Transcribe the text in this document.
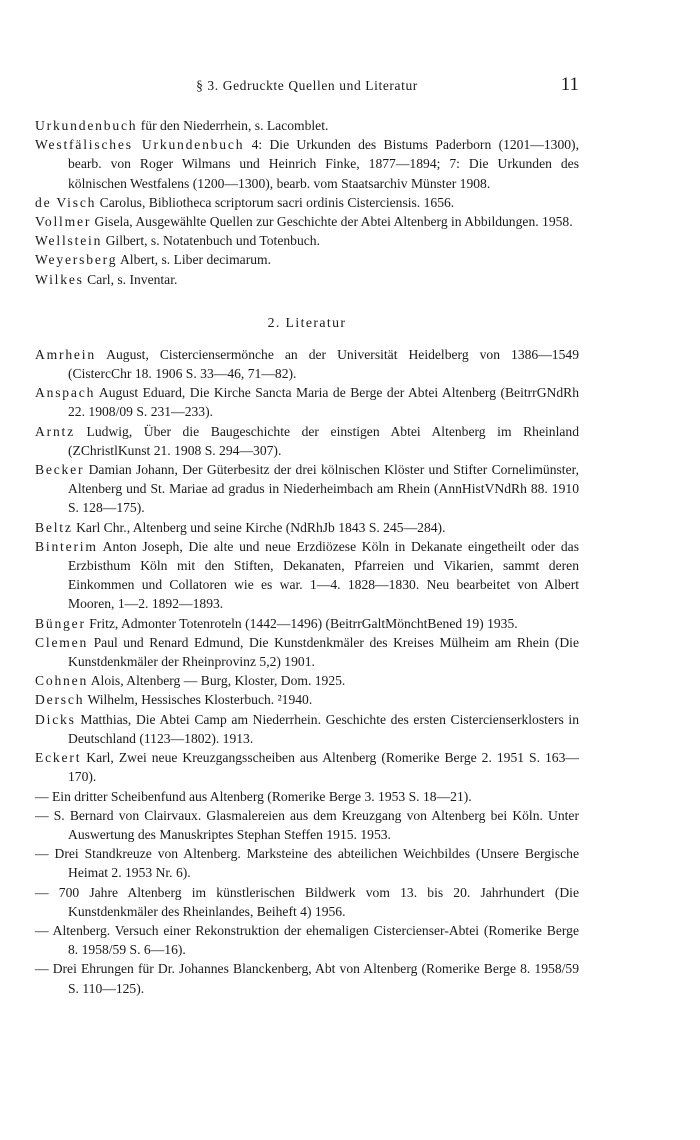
§ 3. Gedruckte Quellen und Literatur	11
Urkundenbuch für den Niederrhein, s. Lacomblet.
Westfälisches Urkundenbuch 4: Die Urkunden des Bistums Paderborn (1201—1300), bearb. von Roger Wilmans und Heinrich Finke, 1877—1894; 7: Die Urkunden des kölnischen Westfalens (1200—1300), bearb. vom Staatsarchiv Münster 1908.
de Visch Carolus, Bibliotheca scriptorum sacri ordinis Cisterciensis. 1656.
Vollmer Gisela, Ausgewählte Quellen zur Geschichte der Abtei Altenberg in Abbildungen. 1958.
Wellstein Gilbert, s. Notatenbuch und Totenbuch.
Weyersberg Albert, s. Liber decimarum.
Wilkes Carl, s. Inventar.
2. Literatur
Amrhein August, Cisterciensermönche an der Universität Heidelberg von 1386—1549 (CistercChr 18. 1906 S. 33—46, 71—82).
Anspach August Eduard, Die Kirche Sancta Maria de Berge der Abtei Altenberg (BeitrrGNdRh 22. 1908/09 S. 231—233).
Arntz Ludwig, Über die Baugeschichte der einstigen Abtei Altenberg im Rheinland (ZChristlKunst 21. 1908 S. 294—307).
Becker Damian Johann, Der Güterbesitz der drei kölnischen Klöster und Stifter Cornelimünster, Altenberg und St. Mariae ad gradus in Niederheimbach am Rhein (AnnHistVNdRh 88. 1910 S. 128—175).
Beltz Karl Chr., Altenberg und seine Kirche (NdRhJb 1843 S. 245—284).
Binterim Anton Joseph, Die alte und neue Erzdiözese Köln in Dekanate eingetheilt oder das Erzbisthum Köln mit den Stiften, Dekanaten, Pfarreien und Vikarien, sammt deren Einkommen und Collatoren wie es war. 1—4. 1828—1830. Neu bearbeitet von Albert Mooren, 1—2. 1892—1893.
Bünger Fritz, Admonter Totenroteln (1442—1496) (BeitrrGaltMönchtBened 19) 1935.
Clemen Paul und Renard Edmund, Die Kunstdenkmäler des Kreises Mülheim am Rhein (Die Kunstdenkmäler der Rheinprovinz 5,2) 1901.
Cohnen Alois, Altenberg — Burg, Kloster, Dom. 1925.
Dersch Wilhelm, Hessisches Klosterbuch. ²1940.
Dicks Matthias, Die Abtei Camp am Niederrhein. Geschichte des ersten Cistercienserklosters in Deutschland (1123—1802). 1913.
Eckert Karl, Zwei neue Kreuzgangsscheiben aus Altenberg (Romerike Berge 2. 1951 S. 163—170).
— Ein dritter Scheibenfund aus Altenberg (Romerike Berge 3. 1953 S. 18—21).
— S. Bernard von Clairvaux. Glasmalereien aus dem Kreuzgang von Altenberg bei Köln. Unter Auswertung des Manuskriptes Stephan Steffen 1915. 1953.
— Drei Standkreuze von Altenberg. Marksteine des abteilichen Weichbildes (Unsere Bergische Heimat 2. 1953 Nr. 6).
— 700 Jahre Altenberg im künstlerischen Bildwerk vom 13. bis 20. Jahrhundert (Die Kunstdenkmäler des Rheinlandes, Beiheft 4) 1956.
— Altenberg. Versuch einer Rekonstruktion der ehemaligen Cistercienser-Abtei (Romerike Berge 8. 1958/59 S. 6—16).
— Drei Ehrungen für Dr. Johannes Blanckenberg, Abt von Altenberg (Romerike Berge 8. 1958/59 S. 110—125).
